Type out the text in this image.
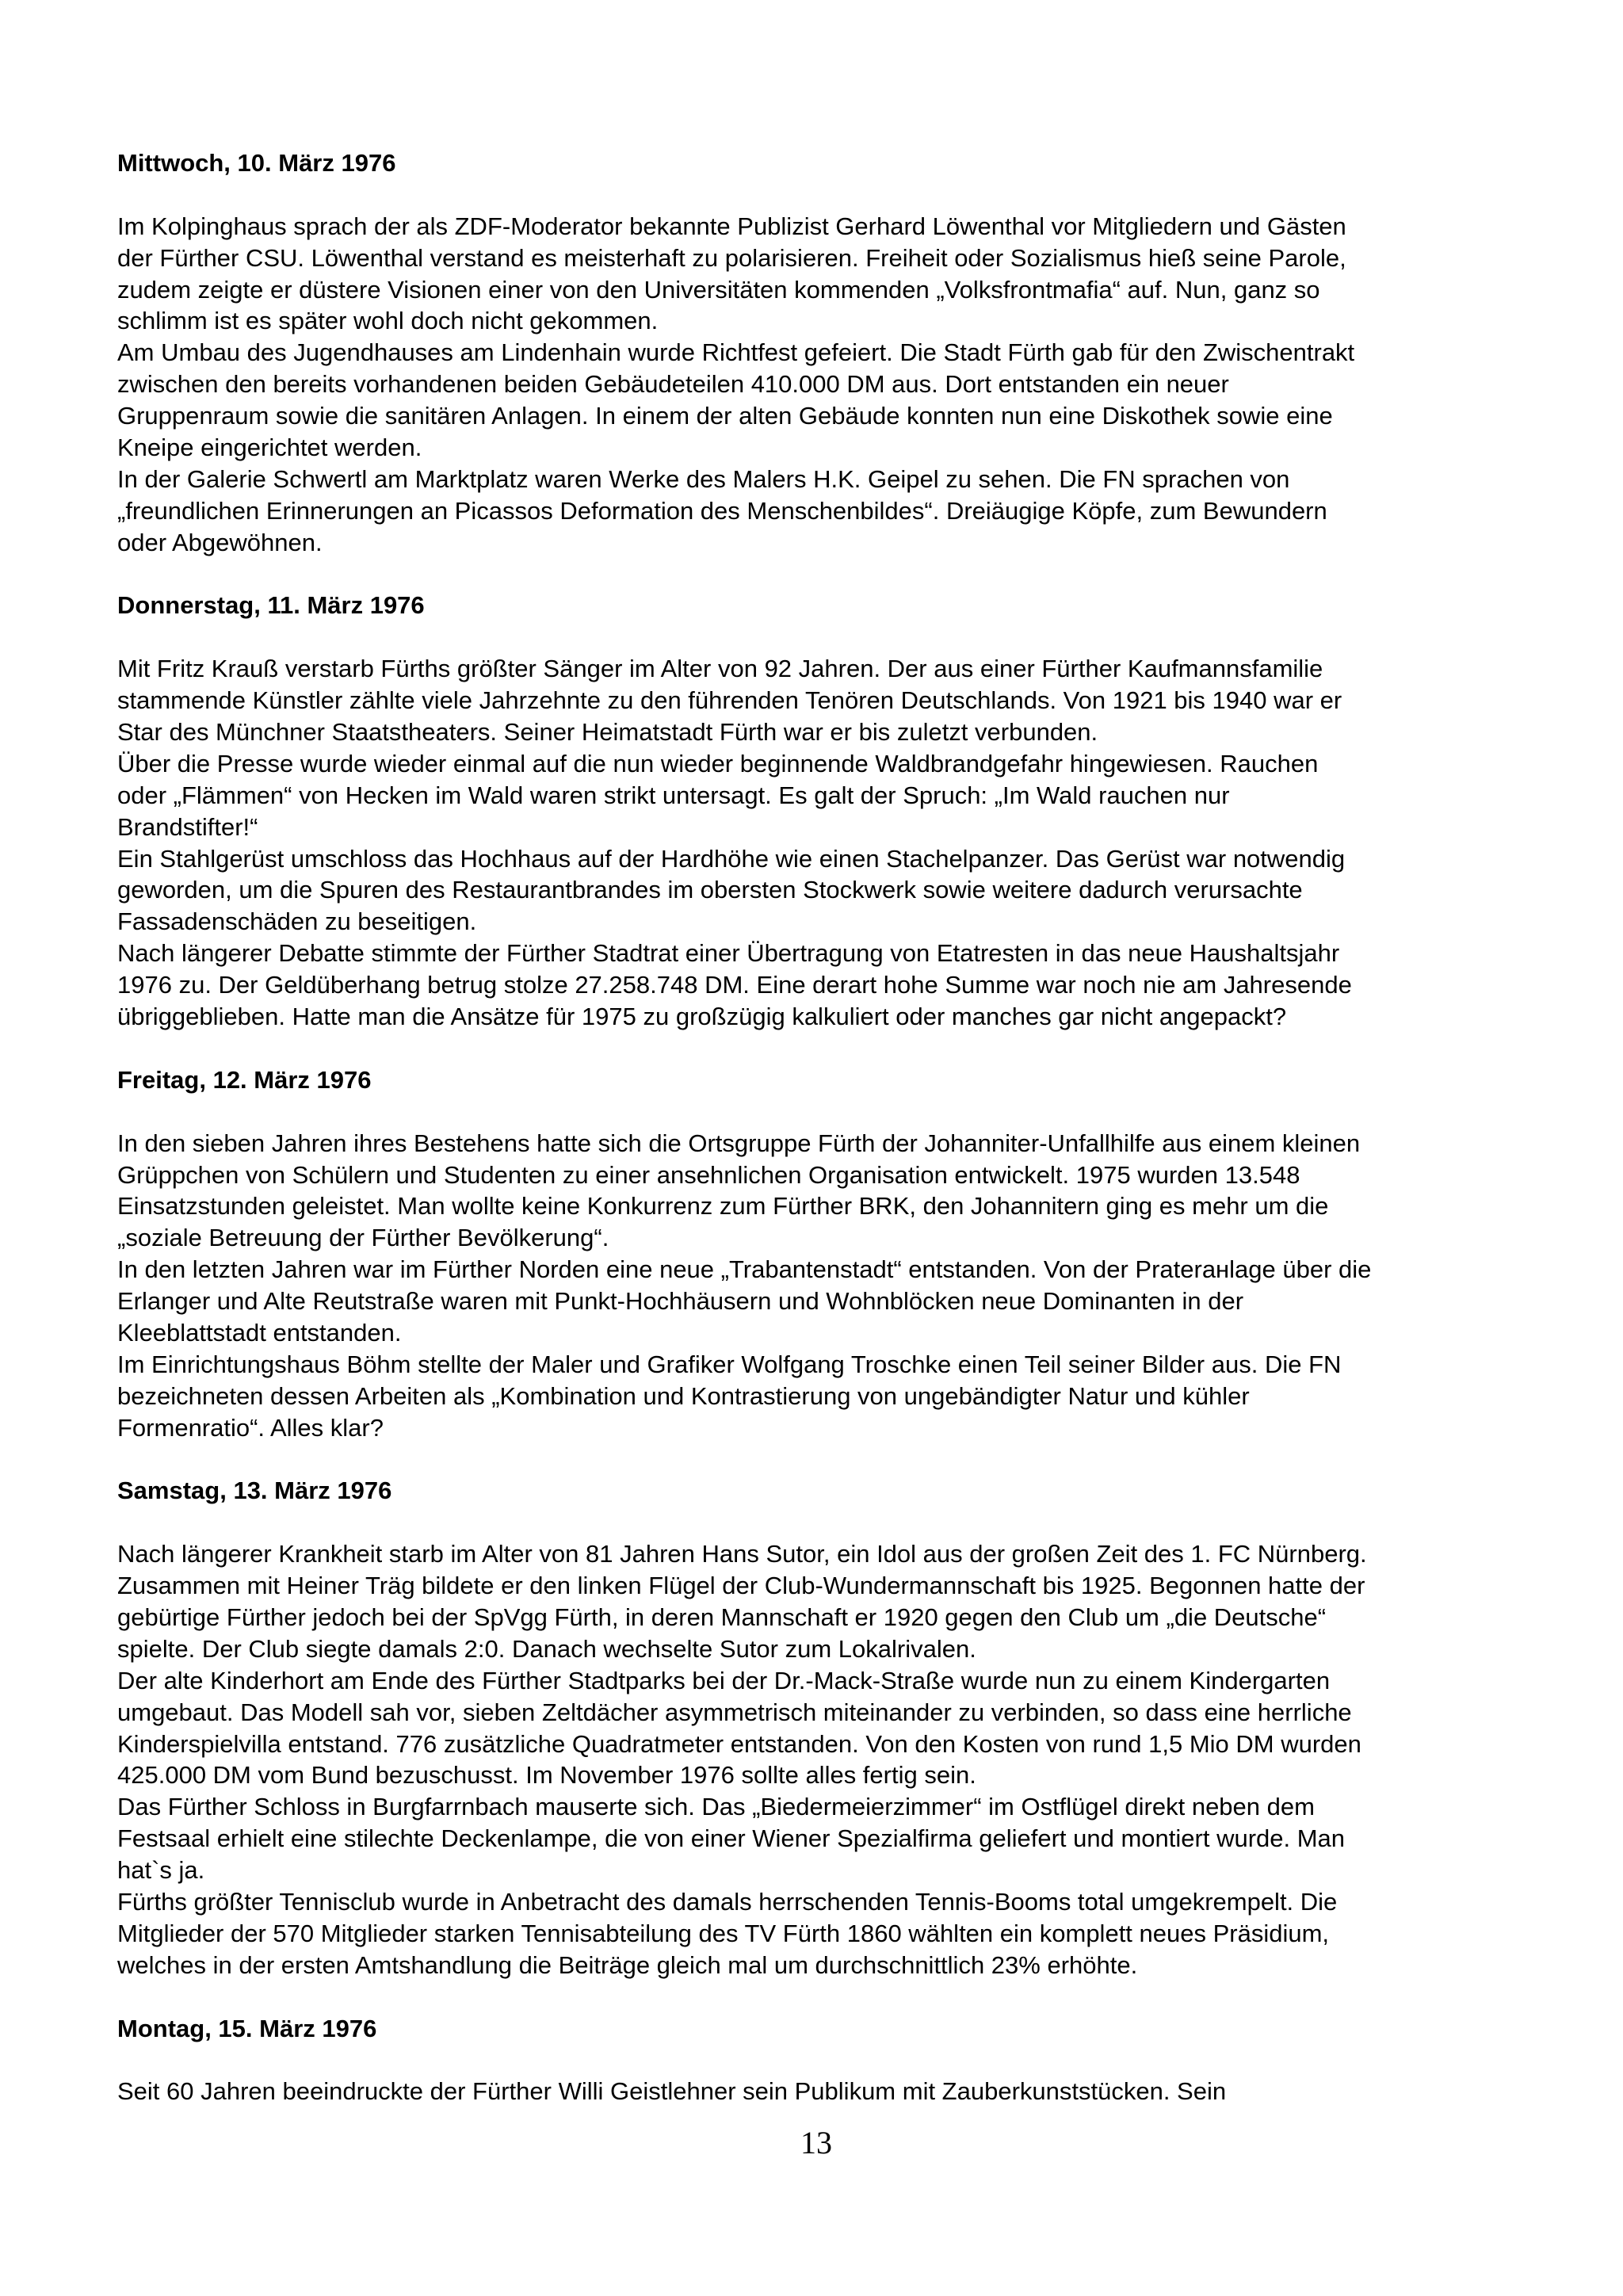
Mittwoch, 10. März 1976
Im Kolpinghaus sprach der als ZDF-Moderator bekannte Publizist Gerhard Löwenthal vor Mitgliedern und Gästen
der Fürther CSU. Löwenthal verstand es meisterhaft zu polarisieren. Freiheit oder Sozialismus hieß seine Parole,
zudem zeigte er düstere Visionen einer von den Universitäten kommenden „Volksfrontmafia“ auf. Nun, ganz so
schlimm ist es später wohl doch nicht gekommen.
Am Umbau des Jugendhauses am Lindenhain wurde Richtfest gefeiert. Die Stadt Fürth gab für den Zwischentrakt
zwischen den bereits vorhandenen beiden Gebäudeteilen 410.000 DM aus. Dort entstanden ein neuer
Gruppenraum sowie die sanitären Anlagen. In einem der alten Gebäude konnten nun eine Diskothek sowie eine
Kneipe eingerichtet werden.
In der Galerie Schwertl am Marktplatz waren Werke des Malers H.K. Geipel zu sehen. Die FN sprachen von
„freundlichen Erinnerungen an Picassos Deformation des Menschenbildes“. Dreiäugige Köpfe, zum Bewundern
oder Abgewöhnen.
Donnerstag, 11. März 1976
Mit Fritz Krauß verstarb Fürths größter Sänger im Alter von 92 Jahren. Der aus einer Fürther Kaufmannsfamilie
stammende Künstler zählte viele Jahrzehnte zu den führenden Tenören Deutschlands. Von 1921 bis 1940 war er
Star des Münchner Staatstheaters. Seiner Heimatstadt Fürth war er bis zuletzt verbunden.
Über die Presse wurde wieder einmal auf die nun wieder beginnende Waldbrandgefahr hingewiesen. Rauchen
oder „Flämmen“ von Hecken im Wald waren strikt untersagt. Es galt der Spruch: „Im Wald rauchen nur
Brandstifter!“
Ein Stahlgerüst umschloss das Hochhaus auf der Hardhöhe wie einen Stachelpanzer. Das Gerüst war notwendig
geworden, um die Spuren des Restaurantbrandes im obersten Stockwerk sowie weitere dadurch verursachte
Fassadenschäden zu beseitigen.
Nach längerer Debatte stimmte der Fürther Stadtrat einer Übertragung von Etatresten in das neue Haushaltsjahr
1976 zu. Der Geldüberhang betrug stolze 27.258.748 DM. Eine derart hohe Summe war noch nie am Jahresende
übriggeblieben. Hatte man die Ansätze für 1975 zu großzügig kalkuliert oder manches gar nicht angepackt?
Freitag, 12. März 1976
In den sieben Jahren ihres Bestehens hatte sich die Ortsgruppe Fürth der Johanniter-Unfallhilfe aus einem kleinen
Grüppchen von Schülern und Studenten zu einer ansehnlichen Organisation entwickelt. 1975 wurden 13.548
Einsatzstunden geleistet. Man wollte keine Konkurrenz zum Fürther BRK, den Johannitern ging es mehr um die
„soziale Betreuung der Fürther Bevölkerung“.
In den letzten Jahren war im Fürther Norden eine neue „Trabantenstadt“ entstanden. Von der Praterанlage über die
Erlanger und Alte Reutstraße waren mit Punkt-Hochhäusern und Wohnblöcken neue Dominanten in der
Kleeblattstadt entstanden.
Im Einrichtungshaus Böhm stellte der Maler und Grafiker Wolfgang Troschke einen Teil seiner Bilder aus. Die FN
bezeichneten dessen Arbeiten als „Kombination und Kontrastierung von ungebändigter Natur und kühler
Formenratio“. Alles klar?
Samstag, 13. März 1976
Nach längerer Krankheit starb im Alter von 81 Jahren Hans Sutor, ein Idol aus der großen Zeit des 1. FC Nürnberg.
Zusammen mit Heiner Träg bildete er den linken Flügel der Club-Wundermannschaft bis 1925. Begonnen hatte der
gebürtige Fürther jedoch bei der SpVgg Fürth, in deren Mannschaft er 1920 gegen den Club um „die Deutsche“
spielte. Der Club siegte damals 2:0. Danach wechselte Sutor zum Lokalrivalen.
Der alte Kinderhort am Ende des Fürther Stadtparks bei der Dr.-Mack-Straße wurde nun zu einem Kindergarten
umgebaut. Das Modell sah vor, sieben Zeltdächer asymmetrisch miteinander zu verbinden, so dass eine herrliche
Kinderspielvilla entstand. 776 zusätzliche Quadratmeter entstanden. Von den Kosten von rund 1,5 Mio DM wurden
425.000 DM vom Bund bezuschusst. Im November 1976 sollte alles fertig sein.
Das Fürther Schloss in Burgfarrnbach mauserte sich. Das „Biedermeierzimmer“ im Ostflügel direkt neben dem
Festsaal erhielt eine stilechte Deckenlampe, die von einer Wiener Spezialfirma geliefert und montiert wurde. Man
hat`s ja.
Fürths größter Tennisclub wurde in Anbetracht des damals herrschenden Tennis-Booms total umgekrempelt. Die
Mitglieder der 570 Mitglieder starken Tennisabteilung des TV Fürth 1860 wählten ein komplett neues Präsidium,
welches in der ersten Amtshandlung die Beiträge gleich mal um durchschnittlich 23% erhöhte.
Montag, 15. März 1976
Seit 60 Jahren beeindruckte der Fürther Willi Geistlehner sein Publikum mit Zauberkunststücken. Sein
13
